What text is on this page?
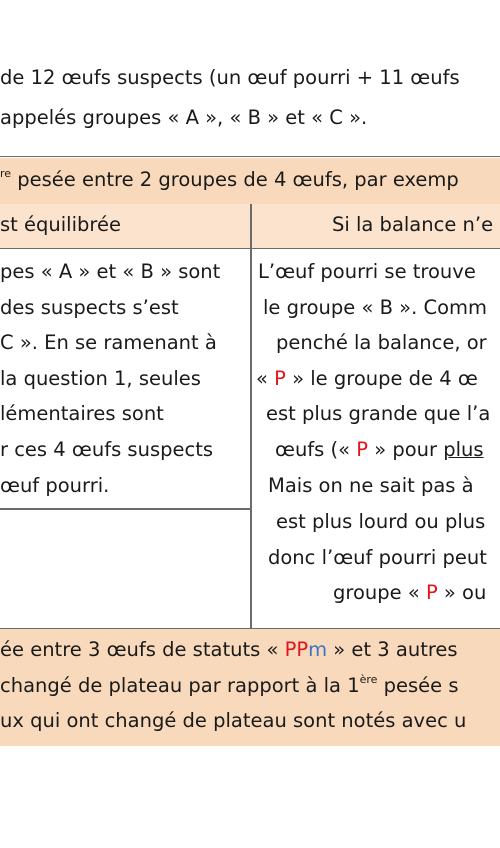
de 12 œufs suspects (un œuf pourri + 11 œufs
appelés groupes « A », « B » et « C ».
$^{re}$ pesée entre 2 groupes de 4 œufs, par exemp
st équilibrée	Si la balance n’e
pes « A » et « B » sont
des suspects s’est
C ». En se ramenant à
la question 1, seules
lémentaires sont
r ces 4 œufs suspects
œuf pourri.
L’œuf pourri se trouve
le groupe « B ». Comm
penché la balance, or
« P » le groupe de 4 œ
est plus grande que l’a
œufs (« P » pour plus
Mais on ne sait pas à
est plus lourd ou plus
donc l’œuf pourri peut
groupe « P » ou
ée entre 3 œufs de statuts « PPm » et 3 autres
changé de plateau par rapport à la 1ère pesée s
ux qui ont changé de plateau sont notés avec u
